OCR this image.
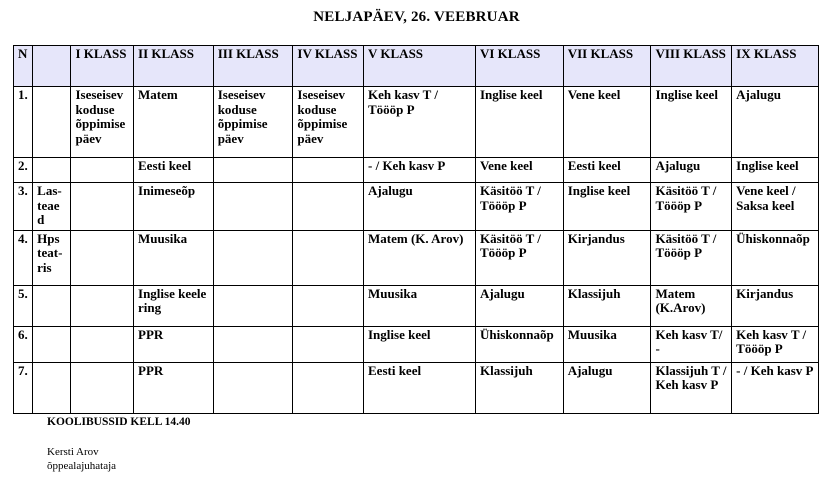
NELJAPÄEV, 26. VEEBRUAR
N		I KLASS	II KLASS	III KLASS	IV KLASS	V KLASS	VI KLASS	VII KLASS	VIII KLASS	IX KLASS
1.		Iseseisev koduse õppimise päev	Matem	Iseseisev koduse õppimise päev	Iseseisev koduse õppimise päev	Keh kasv T / Töööp P	Inglise keel	Vene keel	Inglise keel	Ajalugu
2.			Eesti keel			- / Keh kasv P	Vene keel	Eesti keel	Ajalugu	Inglise keel
3.	Las-teaed		Inimeseõp			Ajalugu	Käsitöö T / Töööp P	Inglise keel	Käsitöö T / Töööp P	Vene keel / Saksa keel
4.	Hps teat-ris		Muusika			Matem (K. Arov)	Käsitöö T / Töööp P	Kirjandus	Käsitöö T / Töööp P	Ühiskonnaõp
5.			Inglise keele ring			Muusika	Ajalugu	Klassijuh	Matem (K.Arov)	Kirjandus
6.			PPR			Inglise keel	Ühiskonnaõp	Muusika	Keh kasv T/ -	Keh kasv T / Töööp P
7.			PPR			Eesti keel	Klassijuh	Ajalugu	Klassijuh T / Keh kasv P	- / Keh kasv P
KOOLIBUSSID KELL 14.40
Kersti Arov
õppealajuhataja
